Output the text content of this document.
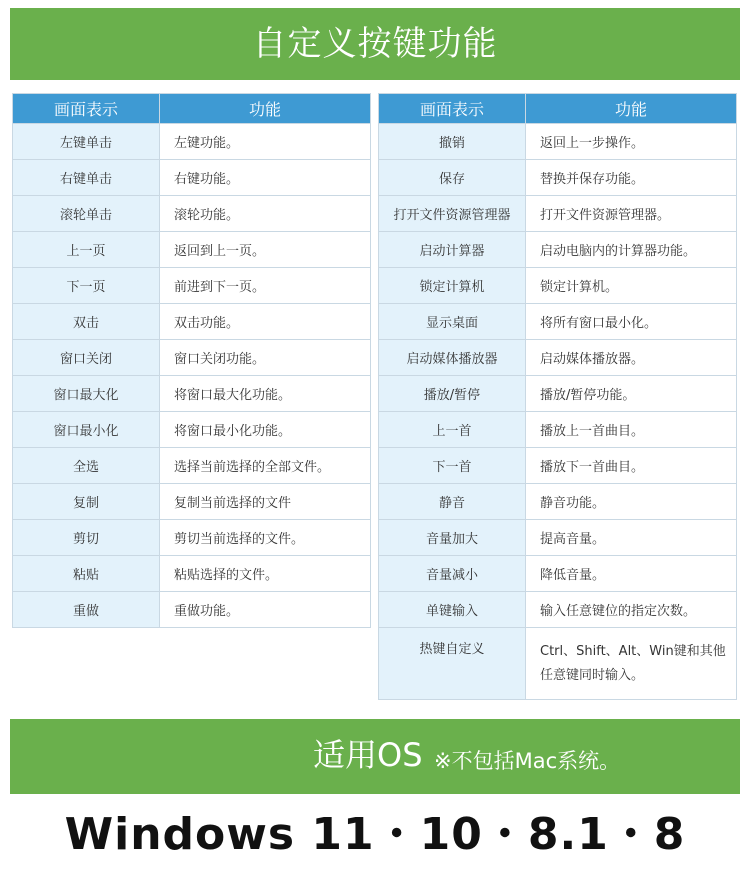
自定义按键功能
画面表示	功能
左键单击	左键功能。
右键单击	右键功能。
滚轮单击	滚轮功能。
上一页	返回到上一页。
下一页	前进到下一页。
双击	双击功能。
窗口关闭	窗口关闭功能。
窗口最大化	将窗口最大化功能。
窗口最小化	将窗口最小化功能。
全选	选择当前选择的全部文件。
复制	复制当前选择的文件
剪切	剪切当前选择的文件。
粘贴	粘贴选择的文件。
重做	重做功能。
画面表示	功能
撤销	返回上一步操作。
保存	替换并保存功能。
打开文件资源管理器	打开文件资源管理器。
启动计算器	启动电脑内的计算器功能。
锁定计算机	锁定计算机。
显示桌面	将所有窗口最小化。
启动媒体播放器	启动媒体播放器。
播放/暂停	播放/暂停功能。
上一首	播放上一首曲目。
下一首	播放下一首曲目。
静音	静音功能。
音量加大	提高音量。
音量减小	降低音量。
单键输入	输入任意键位的指定次数。
热键自定义	Ctrl、Shift、Alt、Win键和其他任意键同时输入。
适用OS ※不包括Mac系统。
Windows 11・10・8.1・8
